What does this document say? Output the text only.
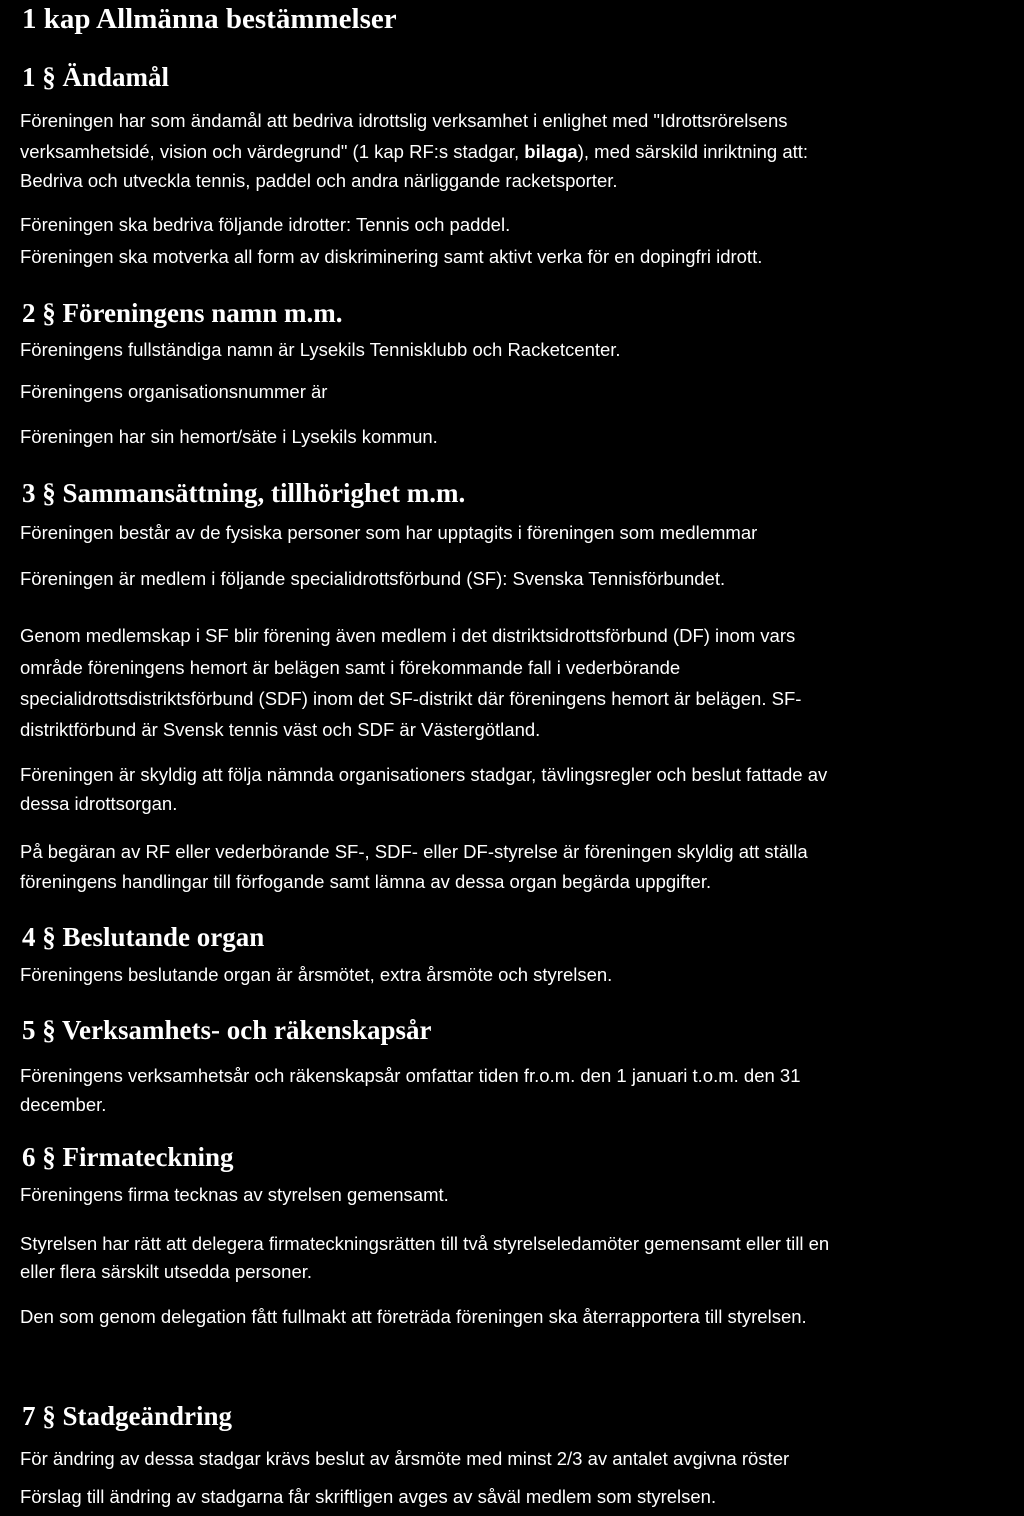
1 kap Allmänna bestämmelser
1 § Ändamål

Föreningen har som ändamål att bedriva idrottslig verksamhet i enlighet med "Idrottsrörelsens

verksamhetsidé, vision och värdegrund" (1 kap RF:s stadgar, bilaga), med särskild inriktning att:

Bedriva och utveckla tennis, paddel och andra närliggande racketsporter.

Föreningen ska bedriva följande idrotter: Tennis och paddel.

Föreningen ska motverka all form av diskriminering samt aktivt verka för en dopingfri idrott.

2 § Föreningens namn m.m.

Föreningens fullständiga namn är Lysekils Tennisklubb och Racketcenter.

Föreningens organisationsnummer är

Föreningen har sin hemort/säte i Lysekils kommun.

3 § Sammansättning, tillhörighet m.m.

Föreningen består av de fysiska personer som har upptagits i föreningen som medlemmar

Föreningen är medlem i följande specialidrottsförbund (SF): Svenska Tennisförbundet.

Genom medlemskap i SF blir förening även medlem i det distriktsidrottsförbund (DF) inom vars

område föreningens hemort är belägen samt i förekommande fall i vederbörande

specialidrottsdistriktsförbund (SDF) inom det SF-distrikt där föreningens hemort är belägen. SF-

distriktförbund är Svensk tennis väst och SDF är Västergötland.

Föreningen är skyldig att följa nämnda organisationers stadgar, tävlingsregler och beslut fattade av

dessa idrottsorgan.

På begäran av RF eller vederbörande SF-, SDF- eller DF-styrelse är föreningen skyldig att ställa

föreningens handlingar till förfogande samt lämna av dessa organ begärda uppgifter.

4 § Beslutande organ

Föreningens beslutande organ är årsmötet, extra årsmöte och styrelsen.

5 § Verksamhets- och räkenskapsår

Föreningens verksamhetsår och räkenskapsår omfattar tiden fr.o.m. den 1 januari t.o.m. den 31

december.

6 § Firmateckning

Föreningens firma tecknas av styrelsen gemensamt.

Styrelsen har rätt att delegera firmateckningsrätten till två styrelseledamöter gemensamt eller till en

eller flera särskilt utsedda personer.

Den som genom delegation fått fullmakt att företräda föreningen ska återrapportera till styrelsen.

7 § Stadgeändring

För ändring av dessa stadgar krävs beslut av årsmöte med minst 2/3 av antalet avgivna röster

Förslag till ändring av stadgarna får skriftligen avges av såväl medlem som styrelsen.
